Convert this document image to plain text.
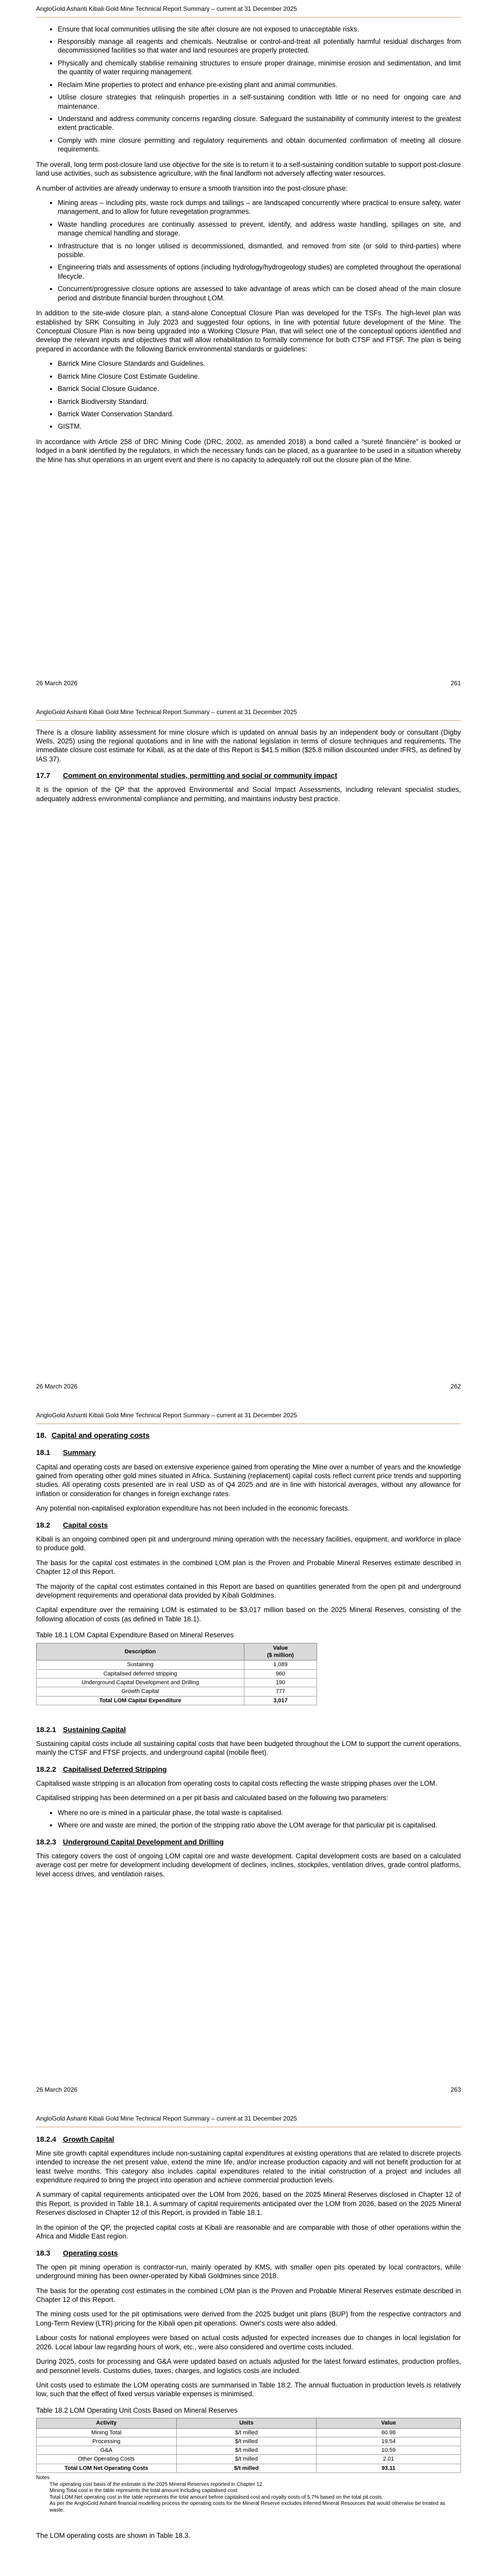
AngloGold Ashanti Kibali Gold Mine Technical Report Summary – current at 31 December 2025
• Ensure that local communities utilising the site after closure are not exposed to unacceptable risks.
• Responsibly manage all reagents and chemicals. Neutralise or control-and-treat all potentially harmful residual discharges from decommissioned facilities so that water and land resources are properly protected.
• Physically and chemically stabilise remaining structures to ensure proper drainage, minimise erosion and sedimentation, and limit the quantity of water requiring management.
• Reclaim Mine properties to protect and enhance pre-existing plant and animal communities.
• Utilise closure strategies that relinquish properties in a self-sustaining condition with little or no need for ongoing care and maintenance.
• Understand and address community concerns regarding closure. Safeguard the sustainability of community interest to the greatest extent practicable.
• Comply with mine closure permitting and regulatory requirements and obtain documented confirmation of meeting all closure requirements.

The overall, long term post-closure land use objective for the site is to return it to a self-sustaining condition suitable to support post-closure land use activities, such as subsistence agriculture, with the final landform not adversely affecting water resources.

A number of activities are already underway to ensure a smooth transition into the post-closure phase:

• Mining areas – including pits, waste rock dumps and tailings – are landscaped concurrently where practical to ensure safety, water management, and to allow for future revegetation programmes.
• Waste handling procedures are continually assessed to prevent, identify, and address waste handling, spillages on site, and manage chemical handling and storage.
• Infrastructure that is no longer utilised is decommissioned, dismantled, and removed from site (or sold to third-parties) where possible.
• Engineering trials and assessments of options (including hydrology/hydrogeology studies) are completed throughout the operational lifecycle.
• Concurrent/progressive closure options are assessed to take advantage of areas which can be closed ahead of the main closure period and distribute financial burden throughout LOM.

In addition to the site-wide closure plan, a stand-alone Conceptual Closure Plan was developed for the TSFs. The high-level plan was established by SRK Consulting in July 2023 and suggested four options, in line with potential future development of the Mine. The Conceptual Closure Plan is now being upgraded into a Working Closure Plan, that will select one of the conceptual options identified and develop the relevant inputs and objectives that will allow rehabilitation to formally commence for both CTSF and FTSF. The plan is being prepared in accordance with the following Barrick environmental standards or guidelines:

• Barrick Mine Closure Standards and Guidelines.
• Barrick Mine Closure Cost Estimate Guideline.
• Barrick Social Closure Guidance.
• Barrick Biodiversity Standard.
• Barrick Water Conservation Standard.
• GISTM.

In accordance with Article 258 of DRC Mining Code (DRC, 2002, as amended 2018) a bond called a “sureté financière” is booked or lodged in a bank identified by the regulators, in which the necessary funds can be placed, as a guarantee to be used in a situation whereby the Mine has shut operations in an urgent event and there is no capacity to adequately roll out the closure plan of the Mine.

26 March 2026	261
AngloGold Ashanti Kibali Gold Mine Technical Report Summary – current at 31 December 2025

There is a closure liability assessment for mine closure which is updated on annual basis by an independent body or consultant (Digby Wells, 2025) using the regional quotations and in line with the national legislation in terms of closure techniques and requirements. The immediate closure cost estimate for Kibali, as at the date of this Report is $41.5 million ($25.8 million discounted under IFRS, as defined by IAS 37).

17.7 Comment on environmental studies, permitting and social or community impact

It is the opinion of the QP that the approved Environmental and Social Impact Assessments, including relevant specialist studies, adequately address environmental compliance and permitting, and maintains industry best practice.

26 March 2026	262
AngloGold Ashanti Kibali Gold Mine Technical Report Summary – current at 31 December 2025
18. Capital and operating costs
18.1 Summary

Capital and operating costs are based on extensive experience gained from operating the Mine over a number of years and the knowledge gained from operating other gold mines situated in Africa. Sustaining (replacement) capital costs reflect current price trends and supporting studies. All operating costs presented are in real USD as of Q4 2025 and are in line with historical averages, without any allowance for inflation or consideration for changes in foreign exchange rates.

Any potential non-capitalised exploration expenditure has not been included in the economic forecasts.

18.2 Capital costs

Kibali is an ongoing combined open pit and underground mining operation with the necessary facilities, equipment, and workforce in place to produce gold.

The basis for the capital cost estimates in the combined LOM plan is the Proven and Probable Mineral Reserves estimate described in Chapter 12 of this Report.

The majority of the capital cost estimates contained in this Report are based on quantities generated from the open pit and underground development requirements and operational data provided by Kibali Goldmines.

Capital expenditure over the remaining LOM is estimated to be $3,017 million based on the 2025 Mineral Reserves, consisting of the following allocation of costs (as defined in Table 18.1).

Table 18.1 LOM Capital Expenditure Based on Mineral Reserves
Description	Value
($ million)
Sustaining	1,089
Capitalised deferred stripping	960
Underground Capital Development and Drilling	190
Growth Capital	777
Total LOM Capital Expenditure	3,017
18.2.1 Sustaining Capital

Sustaining capital costs include all sustaining capital costs that have been budgeted throughout the LOM to support the current operations, mainly the CTSF and FTSF projects, and underground capital (mobile fleet).

18.2.2 Capitalised Deferred Stripping

Capitalised waste stripping is an allocation from operating costs to capital costs reflecting the waste stripping phases over the LOM.

Capitalised stripping has been determined on a per pit basis and calculated based on the following two parameters:

• Where no ore is mined in a particular phase, the total waste is capitalised.
• Where ore and waste are mined, the portion of the stripping ratio above the LOM average for that particular pit is capitalised.
18.2.3 Underground Capital Development and Drilling

This category covers the cost of ongoing LOM capital ore and waste development. Capital development costs are based on a calculated average cost per metre for development including development of declines, inclines, stockpiles, ventilation drives, grade control platforms, level access drives, and ventilation raises.

26 March 2026	263
AngloGold Ashanti Kibali Gold Mine Technical Report Summary – current at 31 December 2025
18.2.4 Growth Capital

Mine site growth capital expenditures include non-sustaining capital expenditures at existing operations that are related to discrete projects intended to increase the net present value, extend the mine life, and/or increase production capacity and will not benefit production for at least twelve months. This category also includes capital expenditures related to the initial construction of a project and includes all expenditure required to bring the project into operation and achieve commercial production levels.

A summary of capital requirements anticipated over the LOM from 2026, based on the 2025 Mineral Reserves disclosed in Chapter 12 of this Report, is provided in Table 18.1. A summary of capital requirements anticipated over the LOM from 2026, based on the 2025 Mineral Reserves disclosed in Chapter 12 of this Report, is provided in Table 18.1.

In the opinion of the QP, the projected capital costs at Kibali are reasonable and are comparable with those of other operations within the Africa and Middle East region.

18.3 Operating costs

The open pit mining operation is contractor-run, mainly operated by KMS, with smaller open pits operated by local contractors, while underground mining has been owner-operated by Kibali Goldmines since 2018.

The basis for the operating cost estimates in the combined LOM plan is the Proven and Probable Mineral Reserves estimate described in Chapter 12 of this Report.

The mining costs used for the pit optimisations were derived from the 2025 budget unit plans (BUP) from the respective contractors and Long-Term Review (LTR) pricing for the Kibali open pit operations. Owner's costs were also added.

Labour costs for national employees were based on actual costs adjusted for expected increases due to changes in local legislation for 2026. Local labour law regarding hours of work, etc., were also considered and overtime costs included.

During 2025, costs for processing and G&A were updated based on actuals adjusted for the latest forward estimates, production profiles, and personnel levels. Customs duties, taxes, charges, and logistics costs are included.

Unit costs used to estimate the LOM operating costs are summarised in Table 18.2. The annual fluctuation in production levels is relatively low, such that the effect of fixed versus variable expenses is minimised.

Table 18.2 LOM Operating Unit Costs Based on Mineral Reserves
Activity	Units	Value
Mining Total	$/t milled	60.98
Processing	$/t milled	19.54
G&A	$/t milled	10.59
Other Operating Costs	$/t milled	2.01
Total LOM Net Operating Costs	$/t milled	93.11
Notes
The operating cost basis of the estimate is the 2025 Mineral Reserves reported in Chapter 12.
Mining Total cost in the table represents the total amount including capitalised cost.
Total LOM Net operating cost in the table represents the total amount before capitalised cost and royalty costs of 5.7% based on the total pit costs.
As per the AngloGold Ashanti financial modelling process the operating costs for the Mineral Reserve excludes Inferred Mineral Resources that would otherwise be treated as waste.

The LOM operating costs are shown in Table 18.3.
